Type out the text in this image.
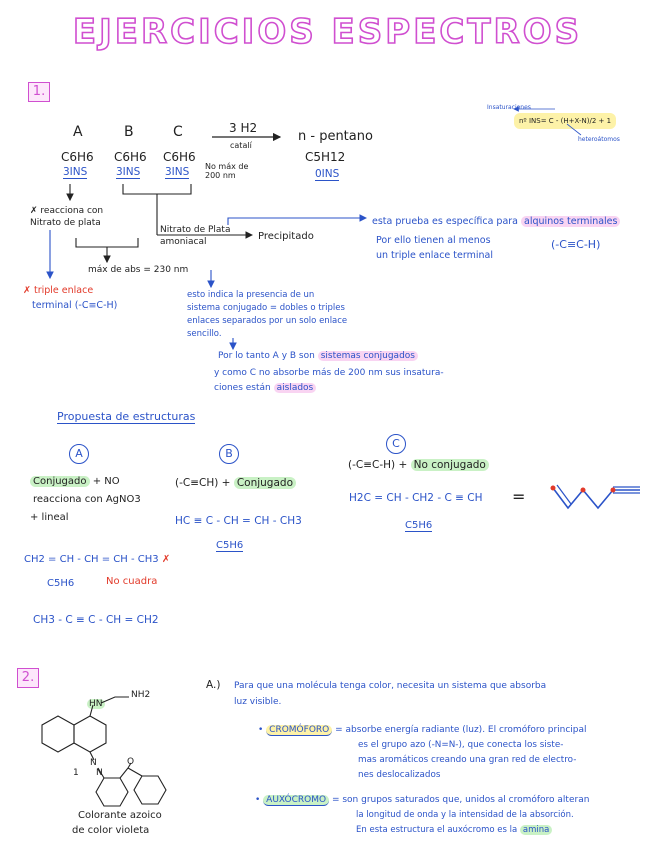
EJERCICIOS ESPECTROS
1.
A	B	C
C6H6 C6H6 C6H6
3INS	3INS 3INS
3 H2
catalí
n - pentano
C5H12
0INS
No máx de 200 nm
Insaturaciones
nº INS= C - (H+X-N)/2 + 1
heteroátomos
✗ reacciona con Nitrato de plata
Nitrato de Plata amoniacal	Precipitado
esta prueba es específica para alquinos terminales
Por ello tienen al menos
un triple enlace terminal
(-C≡C-H)
máx de abs = 230 nm
✗ triple enlace
terminal (-C≡C-H)
esto indica la presencia de un
sistema conjugado = dobles o triples
enlaces separados por un solo enlace
sencillo.
Por lo tanto A y B son sistemas conjugados
y como C no absorbe más de 200 nm sus insatura-
ciones están aislados
Propuesta de estructuras
A
Conjugado + NO
reacciona con AgNO3
+ lineal
CH2 = CH - CH = CH - CH3 ✗
C5H6	No cuadra
CH3 - C ≡ C - CH = CH2
B
(-C≡CH) + Conjugado
HC ≡ C - CH = CH - CH3
C5H6
C
(-C≡C-H) + No conjugado
H2C = CH - CH2 - C ≡ CH =
C5H6
2.
HN
NH2
N
N
O
1
Colorante azoico
de color violeta
A.) Para que una molécula tenga color, necesita un sistema que absorba
luz visible.
• CROMÓFORO = absorbe energía radiante (luz). El cromóforo principal
es el grupo azo (-N=N-), que conecta los siste-
mas aromáticos creando una gran red de electro-
nes deslocalizados
• AUXÓCROMO = son grupos saturados que, unidos al cromóforo alteran
la longitud de onda y la intensidad de la absorción.
En esta estructura el auxócromo es la amina
